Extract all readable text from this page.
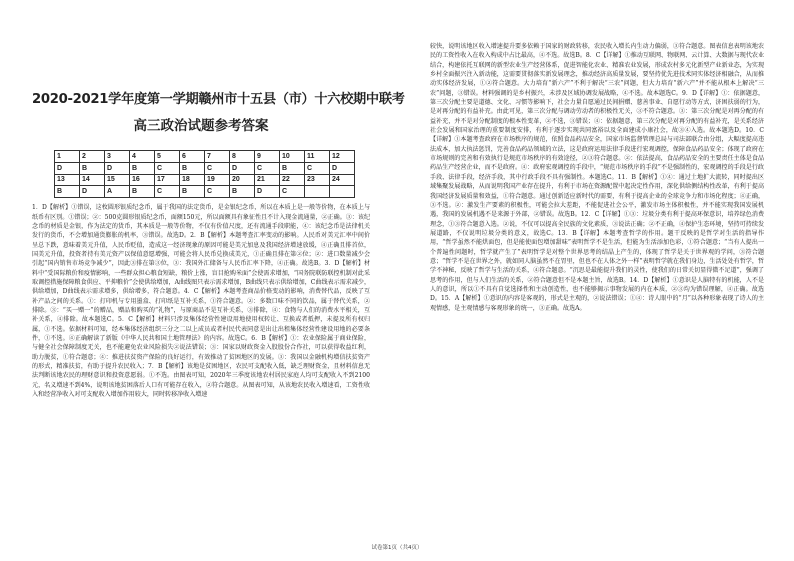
2020-2021学年度第一学期赣州市十五县（市）十六校期中联考
高三政治试题参考答案
1	2	3	4	5	6	7	8	9	10	11	12
D	B	D	B	C	B	C	D	C	B	C	D
13	14	15	16	17	18	19	20	21	22	23	24
B	D	A	B	C	B	C	B	D	C		

1．D【解析】①错误，这枚圆形银质纪念币，属于我国的法定货币，是金银纪念币，所以在本质上是一般等价物，在本质上与纸币有区别。①错误；②：500克圆形银质纪念币，面额150元，所以面额具有象征性且不计入现金流通量，②正确。③：该纪念币的材质是金银，作为法定的货币，其本质是一般等价物，不仅有价值尺度，还有流通手段职能，④：该纪念币是法律机关发行的货币，不会增加通货膨胀的机率，③错误。故选D。2．B【解析】本题考查汇率变动的影响。人民币对美元汇率中间价呈总下跌，意味着美元升值，人民币贬值，造成这一经济现象的原因可能是美元加息及我国经济增速放缓，④正确且排首位，国美元升值，投资者持有美元资产以保值意愿增强，可能会将人民币兑换成美元，①正确且排在第②位；②：进口数量减少会引起“国内销售市场竞争减少”，因此③排在第③位，③：我国外汇储备与人民币汇率下降，④正确。故选B。3．D【解析】材料中“受国际粮价和疫情影响，一些群众担心粮食短缺，粮价上涨，盲目抢购米面”会使需求增加，“国务院联防联控机制对此采取调控措施保障粮食供应、平抑粮价”会使供给增加，A曲线图只表示需求增加，B曲线只表示供给增加，C曲线表示需求减少，供给增加，D曲线表示需求增多，供给增多，符合题意。4．C【解析】本题考查商品价格变动的影响，消费替代品，反映了互补产品之间的关系。①：打印机与专用墨盒、打印纸是互补关系，①符合题意。②：多数口味不同的饮品，属于替代关系，②排除。③：“买一赠一”的赠品，赠品和购买的“礼物”，与原商品不是互补关系，③排除，④：食物与人们的消费水平相关，互补关系，④排除。故本题选C。5．C【解析】材料只涉及集体经营性建设用地使用权转让、互换或者抵押，未提及所有权归属，①不选。依据材料可知，经本集体经济组织三分之二以上成员或者村民代表同意是出让出租集体经营性建设用地的必要条件，①不选。④正确解读了新版《中华人民共和国土地管理法》的内容。故选C。6．B【解析】①：农业保险属于商业保险，与健全社会保障制度无关，也不能避免农业风险损失②说法错误；③：国家以财政资金入股股份合作社，可以获得收益红利，助力脱贫，①符合题意；④：推进扶贫资产保险的良好运行，有效推动了贫困地区的发展。③：我国以金融机构增信扶贫资产的形式，精准扶贫，有助于提升农民收入；7．B【解析】该地是贫困地区，农民可支配收入低，缺乏理财资金，且材料信息无法判断该地农民的理财意识和投资意愿弱。①不选。由图表可知，2020年三季度该地农村居民家庭人均可支配收入不到2100元，名义增速不到4%，说明该地贫困落后人口有可能存在收入，②符合题意。从图表可知，从该地农民收入增速看，工资性收入和经营净收入对可支配收入增加作用较大，同时转移净收入增速

较快，说明该地区收入增速提升要多依赖于国家的财政转移，农民收入增长内生动力偏弱，③符合题意。图表信息表明该地农民的工资性收入在收入构成中占比最高，④不选。故选B。8．C【详解】①推动互联网、物联网、云计算、大数据与现代农业结合，构建依托互联网的新型农业生产经营体系，促进智能化农业、精准农业发展，形成农村多元化新型产业新业态，为实现乡村全面振兴注入新动能，这需要贯彻落实新发展理念，推动经济高质量发展，要坚持优先进技术同实体经济相融合，从而推动实体经济发展，①②符合题意。大力培育“新六产”不利于解决“三农”问题，但大力培育“新六产”并不能从根本上解决“三农”问题，③错误。材料强调的是乡村振兴，未涉及区域协调发展战略，④不选。故本题选C。9．D【详解】①：依据题意，第三次分配主要是道德、文化、习惯等影响下，社会力量自愿通过民间捐赠、慈善事业、自愿行动等方式，济困扶弱的行为，是对再分配的有益补充。由此可见，第三次分配与调动劳动者的积极性无关，③不符合题意。③：第三次分配是对再分配的有益补充，并不是对分配制度的根本性变革，②不选，③错误；④：依据题意，第三次分配是对再分配的有益补充，是关系经济社会发展和国家治理的重要制度安排，有利于逐步实现共同富裕以及全面建成小康社会，故③④入选。故本题选D。10．C【详解】①本题考查政府在市场秩序的规范，依照食品药品安全，国家市场监督管理总局与司法部联合由分组，大幅度提高违法成本，加大执法惩罚，完善食品药品领域的立法，这是政府运用法律手段进行宏观调控，保障食品药品安全；体现了政府在市场规则的完善和有效执行是规范市场秩序的有效途径，②③符合题意。②：依法提高，食品药品安全的主要责任主体是食品药品生产经营企业，而不是政府。④：政府宏观调控的手段中，“规范市场秩序的手段”不是强制性的，宏观调控的手段是行政手段、法律手段，经济手段，其中行政手段不具有强制性。本题选C。11．B【解析】①④：通过土地扩大流转，同时提出区域集聚发展战略，从而说明我国产业存在提升，有利于市场在资源配置中起决定性作用，深化供给侧结构性改革，有利于提高我国经济发展质量和效益，①符合题意。通过创新适应新时代的需要，有利于提高企业的全球竞争力和市场化程度；④正确，③不选。②：激发生产要素的积极性，可能会拉大差距，不能促进社会公平，激发市场主体积极性，并不能实现我国发展机遇，我国的发展机遇不是来源于外部，②错误。故选B。12．C【详解】①③：垃圾分类有利于提高环保意识，培养绿色消费理念，①③符合题意入选。②说，不仅可以提高全民族的文化素质，③说法正确；②不正确，④保护生态环境，坚持可持续发展道路，不仅说明垃圾分类的意义，故选C。13．B【详解】本题考查哲学的作用。题干反映的是哲学对生活的指导作用，“哲学虽然不能烘面包，但是能使面包增加甜味”表明哲学不是生活，但能为生活添加色彩，①符合题意；“当有人提出一个普遍性问题时，哲学就产生了”表明哲学是对整个世界思考的结晶上产生的，体现了哲学是关于世界观的学问，③符合题意；“哲学不是在世界之外，就如同人脑虽然不在胃里，但也不在人体之外一样”表明哲学就在我们身边，生活处处有哲学，哲学不神秘，反映了哲学与生活的关系，④符合题意。“沉思是最能提升我们的灵性，使我们的日常关切显得微不足道”，强调了思考的作用，但与人们生活的关系，②符合题意但不是本题主旨，故选B。14．D【解析】①意识是人脑特有的机能，人不是人的意识，所以①不具有自觉选择性和主动创造性，也不能够揭示事物发展的内在本质，②③均为错误理解，④正确。故选D。15．A【解析】①意识的内容是客观的，形式是主观的，②说法错误；①④：诗人眼中的“月”以各种形象表现了诗人的主观情感，是主观情感与客观形象的统一，③正确。故选A。

试卷第1页（共4页）
